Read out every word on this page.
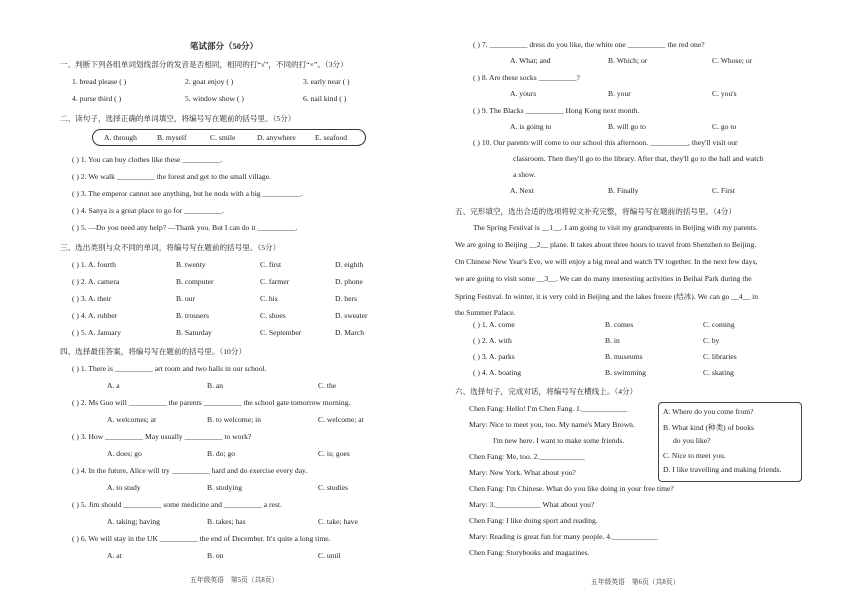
笔试部分（50分）
一、判断下列各组单词划线部分的发音是否相同，相同的打“√”，不同的打“×”。（3分）
1. bread please ( )	2. goat enjoy ( )	3. early near ( )
4. purse third ( )	5. window show ( )	6. nail kind ( )
二、读句子，选择正确的单词填空，将编号写在题前的括号里。（5分）
A. through	B. myself	C. smile	D. anywhere	E. seafood
( ) 1. You can buy clothes like these __________.
( ) 2. We walk __________ the forest and get to the small village.
( ) 3. The emperor cannot see anything, but he nods with a big __________.
( ) 4. Sanya is a great place to go for __________.
( ) 5. —Do you need any help? —Thank you. But I can do it __________.
三、选出类别与众不同的单词，将编号写在题前的括号里。（5分）
四、选择最佳答案，将编号写在题前的括号里。（10分）
五年级英语　第5页（共8页）
( ) 1. A. fourth	B. twenty	C. first	D. eighth
( ) 2. A. camera	B. computer	C. farmer	D. phone
( ) 3. A. their	B. our	C. his	D. hers
( ) 4. A. rubber	B. trousers	C. shoes	D. sweater
( ) 5. A. January	B. Saturday	C. September	D. March
( ) 1. There is __________ art room and two halls in our school.
A. a	B. an	C. the
( ) 2. Ms Guo will __________ the parents __________ the school gate tomorrow morning.
A. welcomes; at	B. to welcome; in	C. welcome; at
( ) 3. How __________ May usually __________ to work?
A. does; go	B. do; go	C. is; goes
( ) 4. In the future, Alice will try __________ hard and do exercise every day.
A. to study	B. studying	C. studies
( ) 5. Jim should __________ some medicine and __________ a rest.
A. taking; having	B. takes; has	C. take; have
( ) 6. We will stay in the UK __________ the end of December. It's quite a long time.
A. at	B. on	C. until
( ) 10. Our parents will come to our school this afternoon. __________, they'll visit our
classroom. Then they'll go to the library. After that, they'll go to the hall and watch
a show.
A. Next	B. Finally	C. First
五、完形填空，选出合适的选项将短文补充完整，将编号写在题前的括号里。（4分）
六、选择句子，完成对话，将编号写在横线上。（4分）
五年级英语　第6页（共8页）
( ) 7. __________ dress do you like, the white one __________ the red one?
A. What; and	B. Which; or	C. Whose; or
( ) 8. Are these socks __________?
A. yours	B. your	C. you's
( ) 9. The Blacks __________ Hong Kong next month.
A. is going to	B. will go to	C. go to
The Spring Festival is __1__. I am going to visit my grandparents in Beijing with my parents.
We are going to Beijing __2__ plane. It takes about three hours to travel from Shenzhen to Beijing.
On Chinese New Year's Eve, we will enjoy a big meal and watch TV together. In the next few days,
we are going to visit some __3__. We can do many interesting activities in Beihai Park during the
Spring Festival. In winter, it is very cold in Beijing and the lakes freeze (结冰). We can go __4__ in
the Summer Palace.
( ) 1. A. come	B. comes	C. coming
( ) 2. A. with	B. in	C. by
( ) 3. A. parks	B. museums	C. libraries
( ) 4. A. boating	B. swimming	C. skating
Chen Fang: Hello! I'm Chen Fang. 1.____________
Mary: Nice to meet you, too. My name's Mary Brown.
I'm new here. I want to make some friends.
Chen Fang: Me, too. 2.____________
Mary: New York. What about you?
Chen Fang: I'm Chinese. What do you like doing in your free time?
Mary: 3.____________ What about you?
Chen Fang: I like doing sport and reading.
Mary: Reading is great fun for many people. 4.____________
Chen Fang: Storybooks and magazines.
A. Where do you come from?
B. What kind (种类) of books
do you like?
C. Nice to meet you.
D. I like travelling and making friends.
